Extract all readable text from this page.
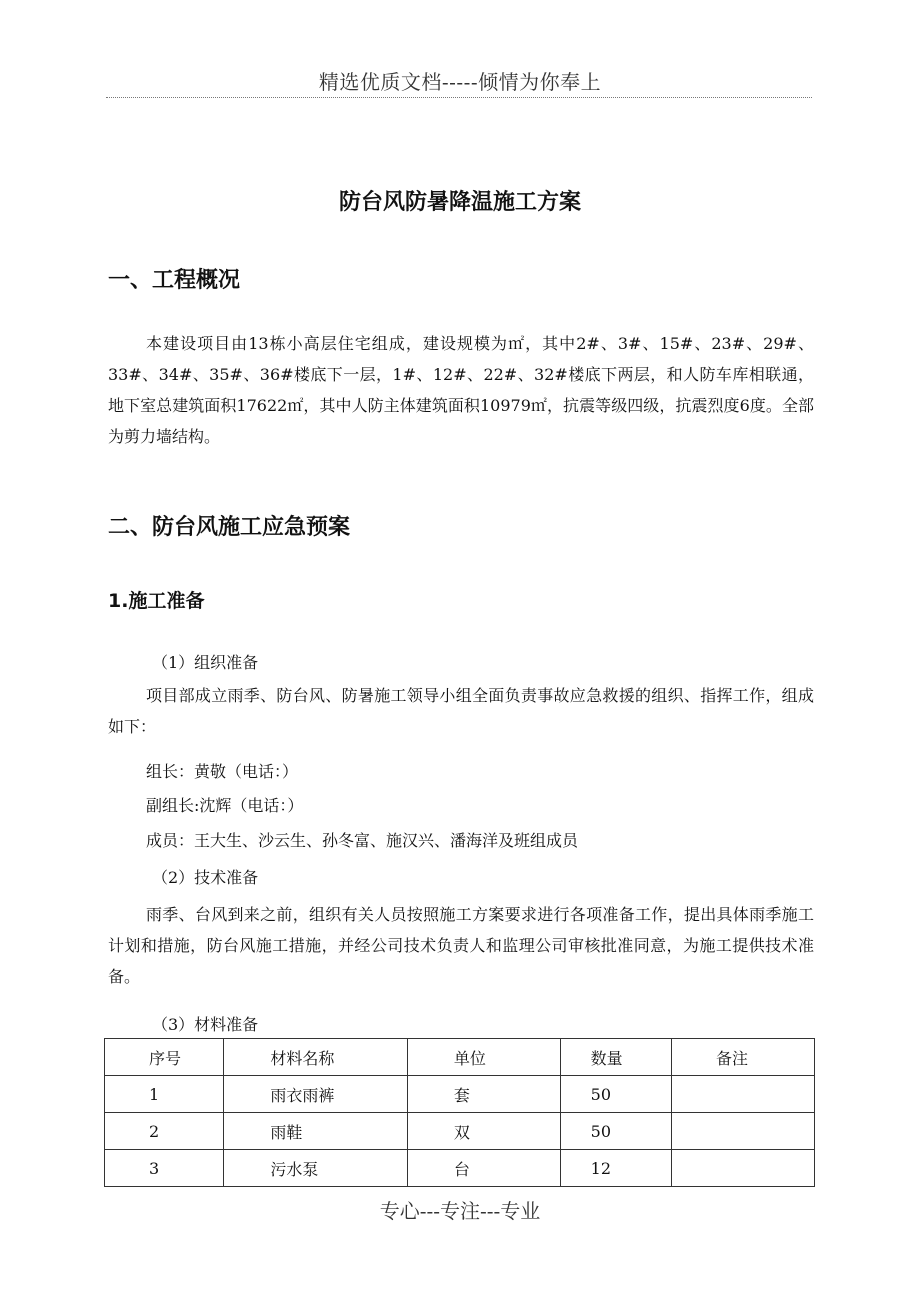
精选优质文档-----倾情为你奉上
防台风防暑降温施工方案
一、工程概况

本建设项目由13栋小高层住宅组成，建设规模为㎡，其中2#、3#、15#、23#、29#、33#、34#、35#、36#楼底下一层，1#、12#、22#、32#楼底下两层，和人防车库相联通，地下室总建筑面积17622㎡，其中人防主体建筑面积10979㎡，抗震等级四级，抗震烈度6度。全部为剪力墙结构。

二、防台风施工应急预案
1.施工准备
（1）组织准备

项目部成立雨季、防台风、防暑施工领导小组全面负责事故应急救援的组织、指挥工作，组成如下：

组长：黄敬（电话：）
副组长:沈辉（电话：）
成员：王大生、沙云生、孙冬富、施汉兴、潘海洋及班组成员
（2）技术准备

雨季、台风到来之前，组织有关人员按照施工方案要求进行各项准备工作，提出具体雨季施工计划和措施，防台风施工措施，并经公司技术负责人和监理公司审核批准同意，为施工提供技术准备。

（3）材料准备
序号	材料名称	单位	数量	备注
1	雨衣雨裤	套	50	
2	雨鞋	双	50	
3	污水泵	台	12	
专心---专注---专业
